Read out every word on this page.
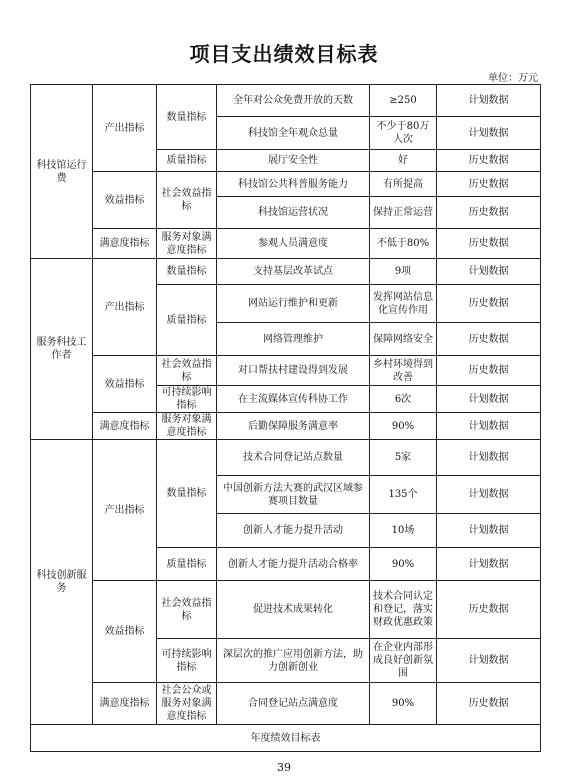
项目支出绩效目标表
单位：万元
科技馆运行费	产出指标	数量指标	全年对公众免费开放的天数	≥250	计划数据
			科技馆全年观众总量	不少于80万人次	计划数据
		质量指标	展厅安全性	好	历史数据
	效益指标	社会效益指标	科技馆公共科普服务能力	有所提高	历史数据
			科技馆运营状况	保持正常运营	历史数据
	满意度指标	服务对象满意度指标	参观人员满意度	不低于80%	历史数据
服务科技工作者	产出指标	数量指标	支持基层改革试点	9项	计划数据
		质量指标	网站运行维护和更新	发挥网站信息化宣传作用	历史数据
			网络管理维护	保障网络安全	历史数据
	效益指标	社会效益指标	对口帮扶村建设得到发展	乡村环境得到改善	历史数据
		可持续影响指标	在主流媒体宣传科协工作	6次	计划数据
	满意度指标	服务对象满意度指标	后勤保障服务满意率	90%	计划数据
科技创新服务	产出指标	数量指标	技术合同登记站点数量	5家	计划数据
			中国创新方法大赛的武汉区域参赛项目数量	135个	计划数据
			创新人才能力提升活动	10场	计划数据
		质量指标	创新人才能力提升活动合格率	90%	计划数据
	效益指标	社会效益指标	促进技术成果转化	技术合同认定和登记，落实财政优惠政策	历史数据
		可持续影响指标	深层次的推广应用创新方法，助力创新创业	在企业内部形成良好创新氛围	计划数据
	满意度指标	社会公众或服务对象满意度指标	合同登记站点满意度	90%	历史数据
年度绩效目标表					
39
